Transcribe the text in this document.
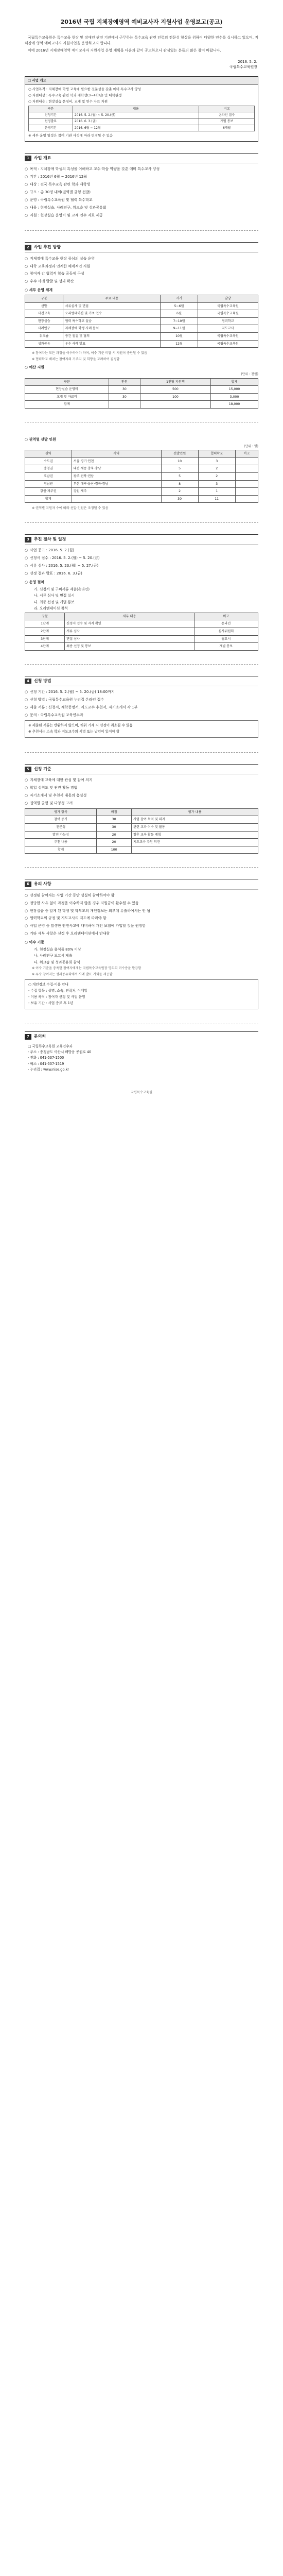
2016년 국립 지체장애영역 예비교사자 지원사업 운영보고(공고)

국립특수교육원은 특수교육 현장 및 장애인 관련 기관에서 근무하는 특수교육 관련 인력의 전문성 향상을 위하여 다양한 연수를 실시하고 있으며, 지체장애 영역 예비교사자 지원사업을 운영하고자 합니다.

이에 2016년 지체장애영역 예비교사자 지원사업 운영 계획을 다음과 같이 공고하오니 관심있는 분들의 많은 참여 바랍니다.

2016. 5. 2.
국립특수교육원장
□ 사업 개요

○ 사업목적 : 지체장애 학생 교육에 필요한 전문성을 갖춘 예비 특수교사 양성

○ 지원대상 : 특수교육 관련 학과 재학생(3~4학년) 및 대학원생

○ 지원내용 : 현장실습 운영비, 교재 및 연수 자료 지원

구분	내용	비고
신청기간	2016. 5. 2.(월) ~ 5. 20.(금)	온라인 접수
선정발표	2016. 6. 3.(금)	개별 통보
운영기간	2016. 6월 ~ 12월	6개월

※ 세부 운영 일정은 참여 기관 사정에 따라 변경될 수 있음

1	사업 개요
○ 목적 : 지체장애 학생의 특성을 이해하고 교수·학습 역량을 갖춘 예비 특수교사 양성
○ 기간 : 2016년 6월 ~ 2016년 12월
○ 대상 : 전국 특수교육 관련 학과 재학생
○ 규모 : 총 30명 내외(권역별 균형 선발)
○ 운영 : 국립특수교육원 및 협력 특수학교
○ 내용 : 현장실습, 사례연구, 워크숍 및 성과공유회
○ 지원 : 현장실습 운영비 및 교재·연수 자료 제공
2	사업 추진 방향
○ 지체장애 특수교육 현장 중심의 실습 운영
○ 대학 교육과정과 연계한 체계적인 지원
○ 참여자 간 협력적 학습 공동체 구성
○ 우수 사례 발굴 및 성과 확산
○ 세부 운영 체계
구분	주요 내용	시기	담당
선발	서류심사 및 면접	5~6월	국립특수교육원
사전교육	오리엔테이션 및 기초 연수	6월	국립특수교육원
현장실습	협력 특수학교 실습	7~10월	협력학교
사례연구	지체장애 학생 사례 분석	9~11월	지도교사
워크숍	중간 점검 및 협의	10월	국립특수교육원
성과공유	우수 사례 발표	12월	국립특수교육원
※ 참여자는 모든 과정을 이수하여야 하며, 이수 기준 미달 시 지원이 중단될 수 있음
※ 협력학교 배치는 참여자의 거주지 및 희망을 고려하여 결정함
○ 예산 지원
(단위 : 천원)
구분	인원	1인당 지원액	합계
현장실습 운영비	30	500	15,000
교재 및 자료비	30	100	3,000
합계			18,000
○ 권역별 선발 인원
(단위 : 명)
권역	지역	선발인원	협력학교	비고
수도권	서울·경기·인천	10	3	
충청권	대전·세종·충북·충남	5	2	
호남권	광주·전북·전남	5	2	
영남권	부산·대구·울산·경북·경남	8	3	
강원·제주권	강원·제주	2	1	
합계		30	11	
※ 권역별 지원자 수에 따라 선발 인원은 조정될 수 있음
3	추진 절차 및 일정
○ 사업 공고 : 2016. 5. 2.(월)
○ 신청서 접수 : 2016. 5. 2.(월) ~ 5. 20.(금)
○ 서류 심사 : 2016. 5. 23.(월) ~ 5. 27.(금)
○ 선정 결과 발표 : 2016. 6. 3.(금)
○ 운영 절차
가. 신청서 및 구비서류 제출(온라인)
나. 서류 심사 및 면접 실시
다. 최종 선정 및 개별 통보
라. 오리엔테이션 참석
구분	세부 내용	비고
1단계	신청서 접수 및 자격 확인	온라인
2단계	서류 심사	심사위원회
3단계	면접 심사	필요시
4단계	최종 선정 및 통보	개별 통보
4	신청 방법
○ 신청 기간 : 2016. 5. 2.(월) ~ 5. 20.(금) 18:00까지
○ 신청 방법 : 국립특수교육원 누리집 온라인 접수
○ 제출 서류 : 신청서, 재학증명서, 지도교수 추천서, 자기소개서 각 1부
○ 문의 : 국립특수교육원 교육연수과

※ 제출된 서류는 반환하지 않으며, 허위 기재 시 선정이 취소될 수 있음

※ 추천서는 소속 학과 지도교수의 서명 또는 날인이 있어야 함

5	선정 기준
○ 지체장애 교육에 대한 관심 및 참여 의지
○ 학업 성취도 및 관련 활동 경험
○ 자기소개서 및 추천서 내용의 충실성
○ 권역별 균형 및 다양성 고려
평가 항목	배점	평가 내용
참여 동기	30	사업 참여 목적 및 의지
전문성	30	관련 교과 이수 및 활동
발전 가능성	20	향후 교육 활동 계획
추천 내용	20	지도교수 추천 의견
합계	100	
6	유의 사항
○ 선정된 참여자는 사업 기간 동안 성실히 참여하여야 함
○ 정당한 사유 없이 과정을 이수하지 않을 경우 지원금이 환수될 수 있음
○ 현장실습 중 알게 된 학생 및 학부모의 개인정보는 외부에 유출하여서는 안 됨
○ 협력학교의 규정 및 지도교사의 지도에 따라야 함
○ 사업 운영 중 발생한 안전사고에 대비하여 개인 보험에 가입할 것을 권장함
○ 기타 세부 사항은 선정 후 오리엔테이션에서 안내함
○ 이수 기준
가. 현장실습 출석률 80% 이상
나. 사례연구 보고서 제출
다. 워크숍 및 성과공유회 참석
※ 이수 기준을 충족한 참여자에게는 국립특수교육원장 명의의 이수증을 발급함
※ 우수 참여자는 성과공유회에서 사례 발표 기회를 제공함

○ 개인정보 수집·이용 안내

- 수집 항목 : 성명, 소속, 연락처, 이메일

- 이용 목적 : 참여자 선정 및 사업 운영

- 보유 기간 : 사업 종료 후 1년

7	문의처
□ 국립특수교육원 교육연수과
- 주소 : 충청남도 아산시 배방읍 공원로 40
- 전화 : 041-537-1500
- 팩스 : 041-537-1519
- 누리집 : www.nise.go.kr
국립특수교육원
